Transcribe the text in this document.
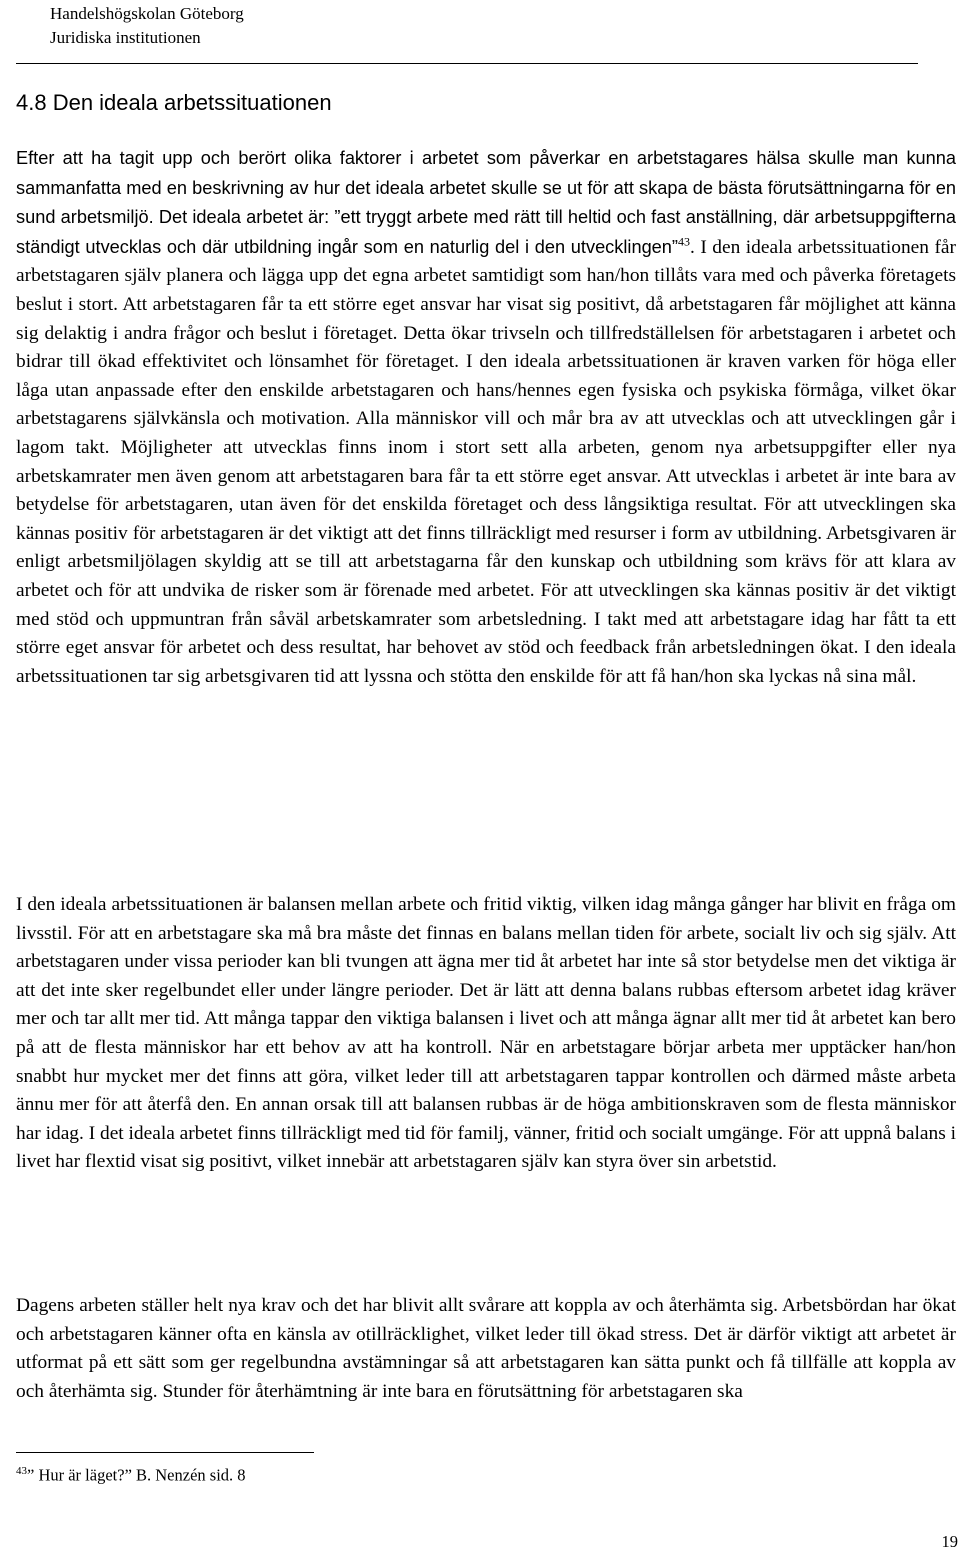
Handelshögskolan Göteborg
Juridiska institutionen
4.8 Den ideala arbetssituationen

Efter att ha tagit upp och berört olika faktorer i arbetet som påverkar en arbetstagares hälsa skulle man kunna sammanfatta med en beskrivning av hur det ideala arbetet skulle se ut för att skapa de bästa förutsättningarna för en sund arbetsmiljö. Det ideala arbetet är: ”ett tryggt arbete med rätt till heltid och fast anställning, där arbetsuppgifterna ständigt utvecklas och där utbildning ingår som en naturlig del i den utvecklingen”$^{43}$. I den ideala arbetssituationen får arbetstagaren själv planera och lägga upp det egna arbetet samtidigt som han/hon tillåts vara med och påverka företagets beslut i stort. Att arbetstagaren får ta ett större eget ansvar har visat sig positivt, då arbetstagaren får möjlighet att känna sig delaktig i andra frågor och beslut i företaget. Detta ökar trivseln och tillfredställelsen för arbetstagaren i arbetet och bidrar till ökad effektivitet och lönsamhet för företaget. I den ideala arbetssituationen är kraven varken för höga eller låga utan anpassade efter den enskilde arbetstagaren och hans/hennes egen fysiska och psykiska förmåga, vilket ökar arbetstagarens självkänsla och motivation. Alla människor vill och mår bra av att utvecklas och att utvecklingen går i lagom takt. Möjligheter att utvecklas finns inom i stort sett alla arbeten, genom nya arbetsuppgifter eller nya arbetskamrater men även genom att arbetstagaren bara får ta ett större eget ansvar. Att utvecklas i arbetet är inte bara av betydelse för arbetstagaren, utan även för det enskilda företaget och dess långsiktiga resultat. För att utvecklingen ska kännas positiv för arbetstagaren är det viktigt att det finns tillräckligt med resurser i form av utbildning. Arbetsgivaren är enligt arbetsmiljölagen skyldig att se till att arbetstagarna får den kunskap och utbildning som krävs för att klara av arbetet och för att undvika de risker som är förenade med arbetet. För att utvecklingen ska kännas positiv är det viktigt med stöd och uppmuntran från såväl arbetskamrater som arbetsledning. I takt med att arbetstagare idag har fått ta ett större eget ansvar för arbetet och dess resultat, har behovet av stöd och feedback från arbetsledningen ökat. I den ideala arbetssituationen tar sig arbetsgivaren tid att lyssna och stötta den enskilde för att få han/hon ska lyckas nå sina mål.

I den ideala arbetssituationen är balansen mellan arbete och fritid viktig, vilken idag många gånger har blivit en fråga om livsstil. För att en arbetstagare ska må bra måste det finnas en balans mellan tiden för arbete, socialt liv och sig själv. Att arbetstagaren under vissa perioder kan bli tvungen att ägna mer tid åt arbetet har inte så stor betydelse men det viktiga är att det inte sker regelbundet eller under längre perioder. Det är lätt att denna balans rubbas eftersom arbetet idag kräver mer och tar allt mer tid. Att många tappar den viktiga balansen i livet och att många ägnar allt mer tid åt arbetet kan bero på att de flesta människor har ett behov av att ha kontroll. När en arbetstagare börjar arbeta mer upptäcker han/hon snabbt hur mycket mer det finns att göra, vilket leder till att arbetstagaren tappar kontrollen och därmed måste arbeta ännu mer för att återfå den. En annan orsak till att balansen rubbas är de höga ambitionskraven som de flesta människor har idag. I det ideala arbetet finns tillräckligt med tid för familj, vänner, fritid och socialt umgänge. För att uppnå balans i livet har flextid visat sig positivt, vilket innebär att arbetstagaren själv kan styra över sin arbetstid.

Dagens arbeten ställer helt nya krav och det har blivit allt svårare att koppla av och återhämta sig. Arbetsbördan har ökat och arbetstagaren känner ofta en känsla av otillräcklighet, vilket leder till ökad stress. Det är därför viktigt att arbetet är utformat på ett sätt som ger regelbundna avstämningar så att arbetstagaren kan sätta punkt och få tillfälle att koppla av och återhämta sig. Stunder för återhämtning är inte bara en förutsättning för arbetstagaren ska

$^{43}$” Hur är läget?” B. Nenzén sid. 8
19
